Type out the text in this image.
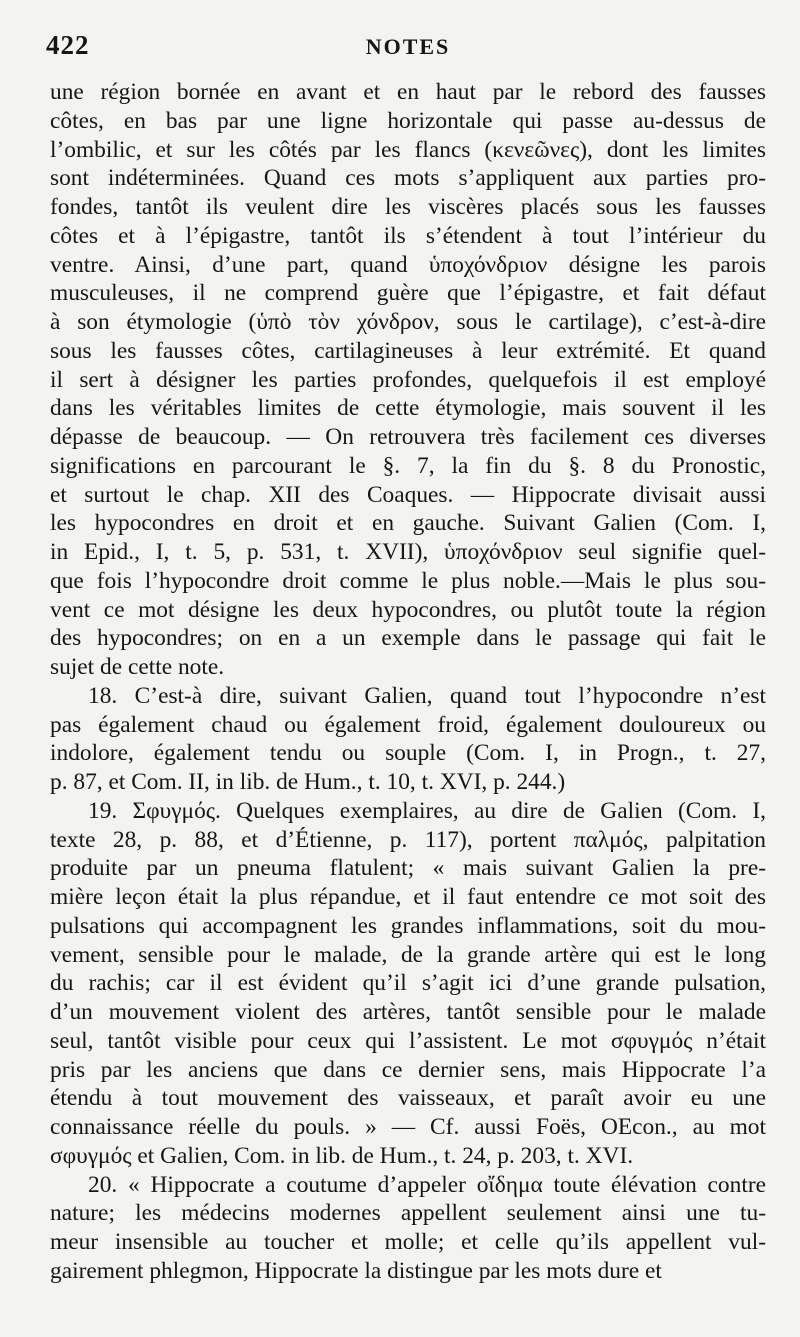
422	NOTES
une région bornée en avant et en haut par le rebord des fausses
côtes, en bas par une ligne horizontale qui passe au-dessus de
l’ombilic, et sur les côtés par les flancs (κενεῶνες), dont les limites
sont indéterminées. Quand ces mots s’appliquent aux parties pro-
fondes, tantôt ils veulent dire les viscères placés sous les fausses
côtes et à l’épigastre, tantôt ils s’étendent à tout l’intérieur du
ventre. Ainsi, d’une part, quand ὑποχόνδριον désigne les parois
musculeuses, il ne comprend guère que l’épigastre, et fait défaut
à son étymologie (ὑπὸ τὸν χόνδρον, sous le cartilage), c’est-à-dire
sous les fausses côtes, cartilagineuses à leur extrémité. Et quand
il sert à désigner les parties profondes, quelquefois il est employé
dans les véritables limites de cette étymologie, mais souvent il les
dépasse de beaucoup. — On retrouvera très facilement ces diverses
significations en parcourant le §. 7, la fin du §. 8 du Pronostic,
et surtout le chap. XII des Coaques. — Hippocrate divisait aussi
les hypocondres en droit et en gauche. Suivant Galien (Com. I,
in Epid., I, t. 5, p. 531, t. XVII), ὑποχόνδριον seul signifie quel-
que fois l’hypocondre droit comme le plus noble.—Mais le plus sou-
vent ce mot désigne les deux hypocondres, ou plutôt toute la région
des hypocondres; on en a un exemple dans le passage qui fait le
sujet de cette note.
18. C’est-à dire, suivant Galien, quand tout l’hypocondre n’est
pas également chaud ou également froid, également douloureux ou
indolore, également tendu ou souple (Com. I, in Progn., t. 27,
p. 87, et Com. II, in lib. de Hum., t. 10, t. XVI, p. 244.)
19. Σφυγμός. Quelques exemplaires, au dire de Galien (Com. I,
texte 28, p. 88, et d’Étienne, p. 117), portent παλμός, palpitation
produite par un pneuma flatulent; « mais suivant Galien la pre-
mière leçon était la plus répandue, et il faut entendre ce mot soit des
pulsations qui accompagnent les grandes inflammations, soit du mou-
vement, sensible pour le malade, de la grande artère qui est le long
du rachis; car il est évident qu’il s’agit ici d’une grande pulsation,
d’un mouvement violent des artères, tantôt sensible pour le malade
seul, tantôt visible pour ceux qui l’assistent. Le mot σφυγμός n’était
pris par les anciens que dans ce dernier sens, mais Hippocrate l’a
étendu à tout mouvement des vaisseaux, et paraît avoir eu une
connaissance réelle du pouls. » — Cf. aussi Foës, OEcon., au mot
σφυγμός et Galien, Com. in lib. de Hum., t. 24, p. 203, t. XVI.
20. « Hippocrate a coutume d’appeler οἴδημα toute élévation contre
nature; les médecins modernes appellent seulement ainsi une tu-
meur insensible au toucher et molle; et celle qu’ils appellent vul-
gairement phlegmon, Hippocrate la distingue par les mots dure et
